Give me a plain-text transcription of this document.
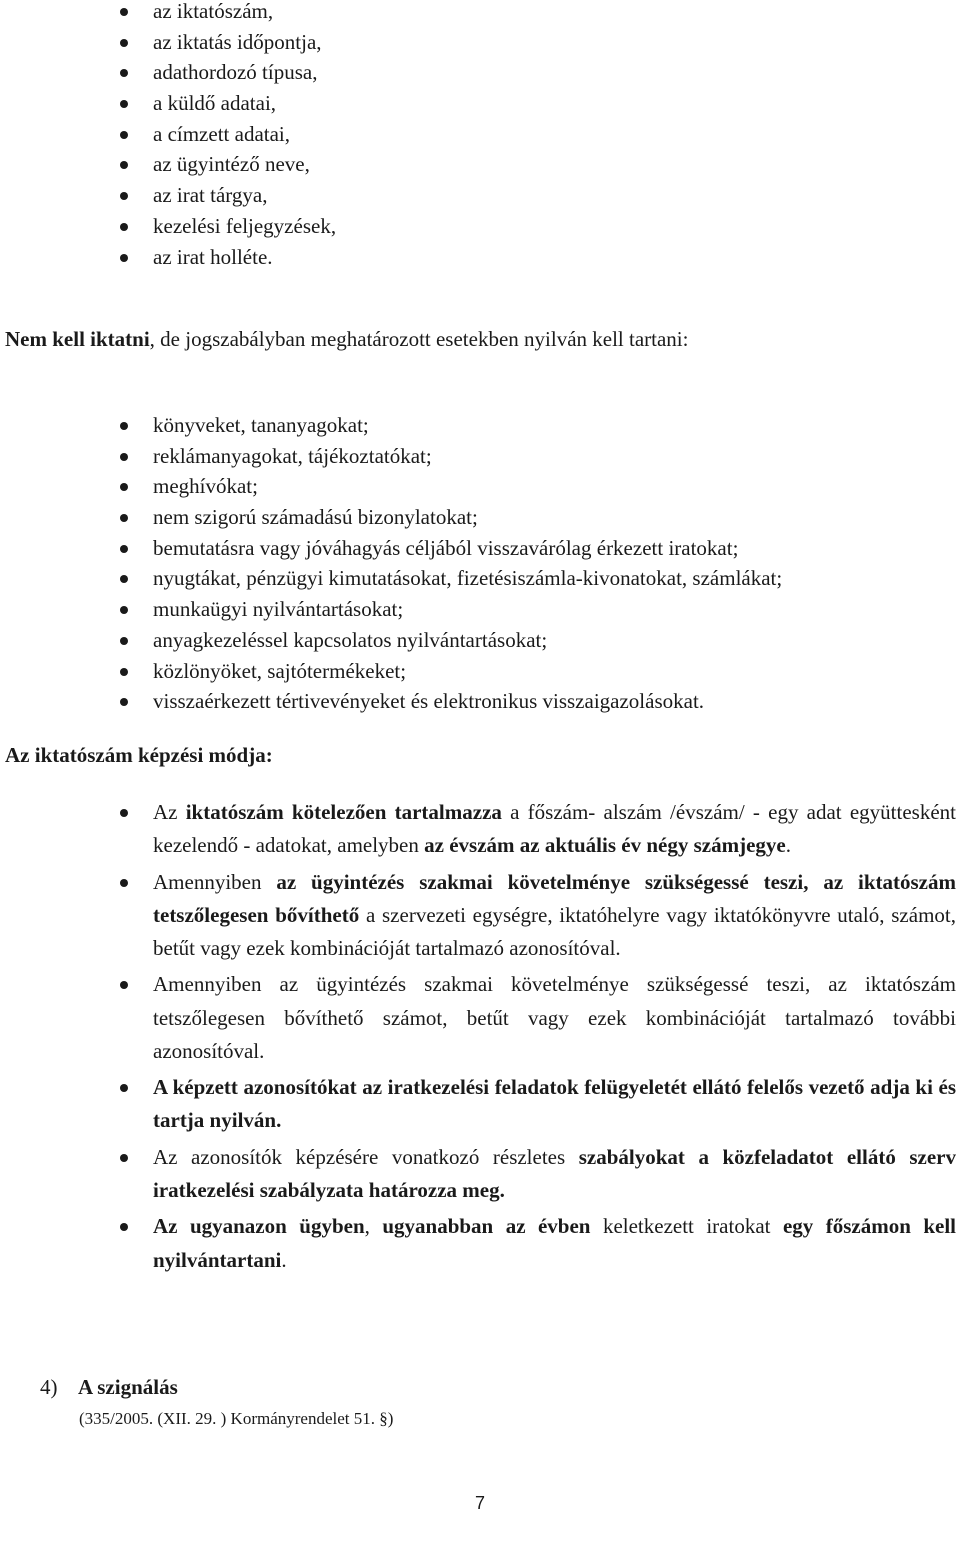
az iktatószám,
az iktatás időpontja,
adathordozó típusa,
a küldő adatai,
a címzett adatai,
az ügyintéző neve,
az irat tárgya,
kezelési feljegyzések,
az irat holléte.

Nem kell iktatni, de jogszabályban meghatározott esetekben nyilván kell tartani:

könyveket, tananyagokat;
reklámanyagokat, tájékoztatókat;
meghívókat;
nem szigorú számadású bizonylatokat;
bemutatásra vagy jóváhagyás céljából visszavárólag érkezett iratokat;
nyugtákat, pénzügyi kimutatásokat, fizetésiszámla-kivonatokat, számlákat;
munkaügyi nyilvántartásokat;
anyagkezeléssel kapcsolatos nyilvántartásokat;
közlönyöket, sajtótermékeket;
visszaérkezett tértivevényeket és elektronikus visszaigazolásokat.
Az iktatószám képzési módja:
Az iktatószám kötelezően tartalmazza a főszám- alszám /évszám/ - egy adat együttesként kezelendő - adatokat, amelyben az évszám az aktuális év négy számjegye.
Amennyiben az ügyintézés szakmai követelménye szükségessé teszi, az iktatószám tetszőlegesen bővíthető a szervezeti egységre, iktatóhelyre vagy iktatókönyvre utaló, számot, betűt vagy ezek kombinációját tartalmazó azonosítóval.
Amennyiben az ügyintézés szakmai követelménye szükségessé teszi, az iktatószám tetszőlegesen bővíthető számot, betűt vagy ezek kombinációját tartalmazó további azonosítóval.
A képzett azonosítókat az iratkezelési feladatok felügyeletét ellátó felelős vezető adja ki és tartja nyilván.
Az azonosítók képzésére vonatkozó részletes szabályokat a közfeladatot ellátó szerv iratkezelési szabályzata határozza meg.
Az ugyanazon ügyben, ugyanabban az évben keletkezett iratokat egy főszámon kell nyilvántartani.
4) A szignálás
(335/2005. (XII. 29. ) Kormányrendelet 51. §)
7
